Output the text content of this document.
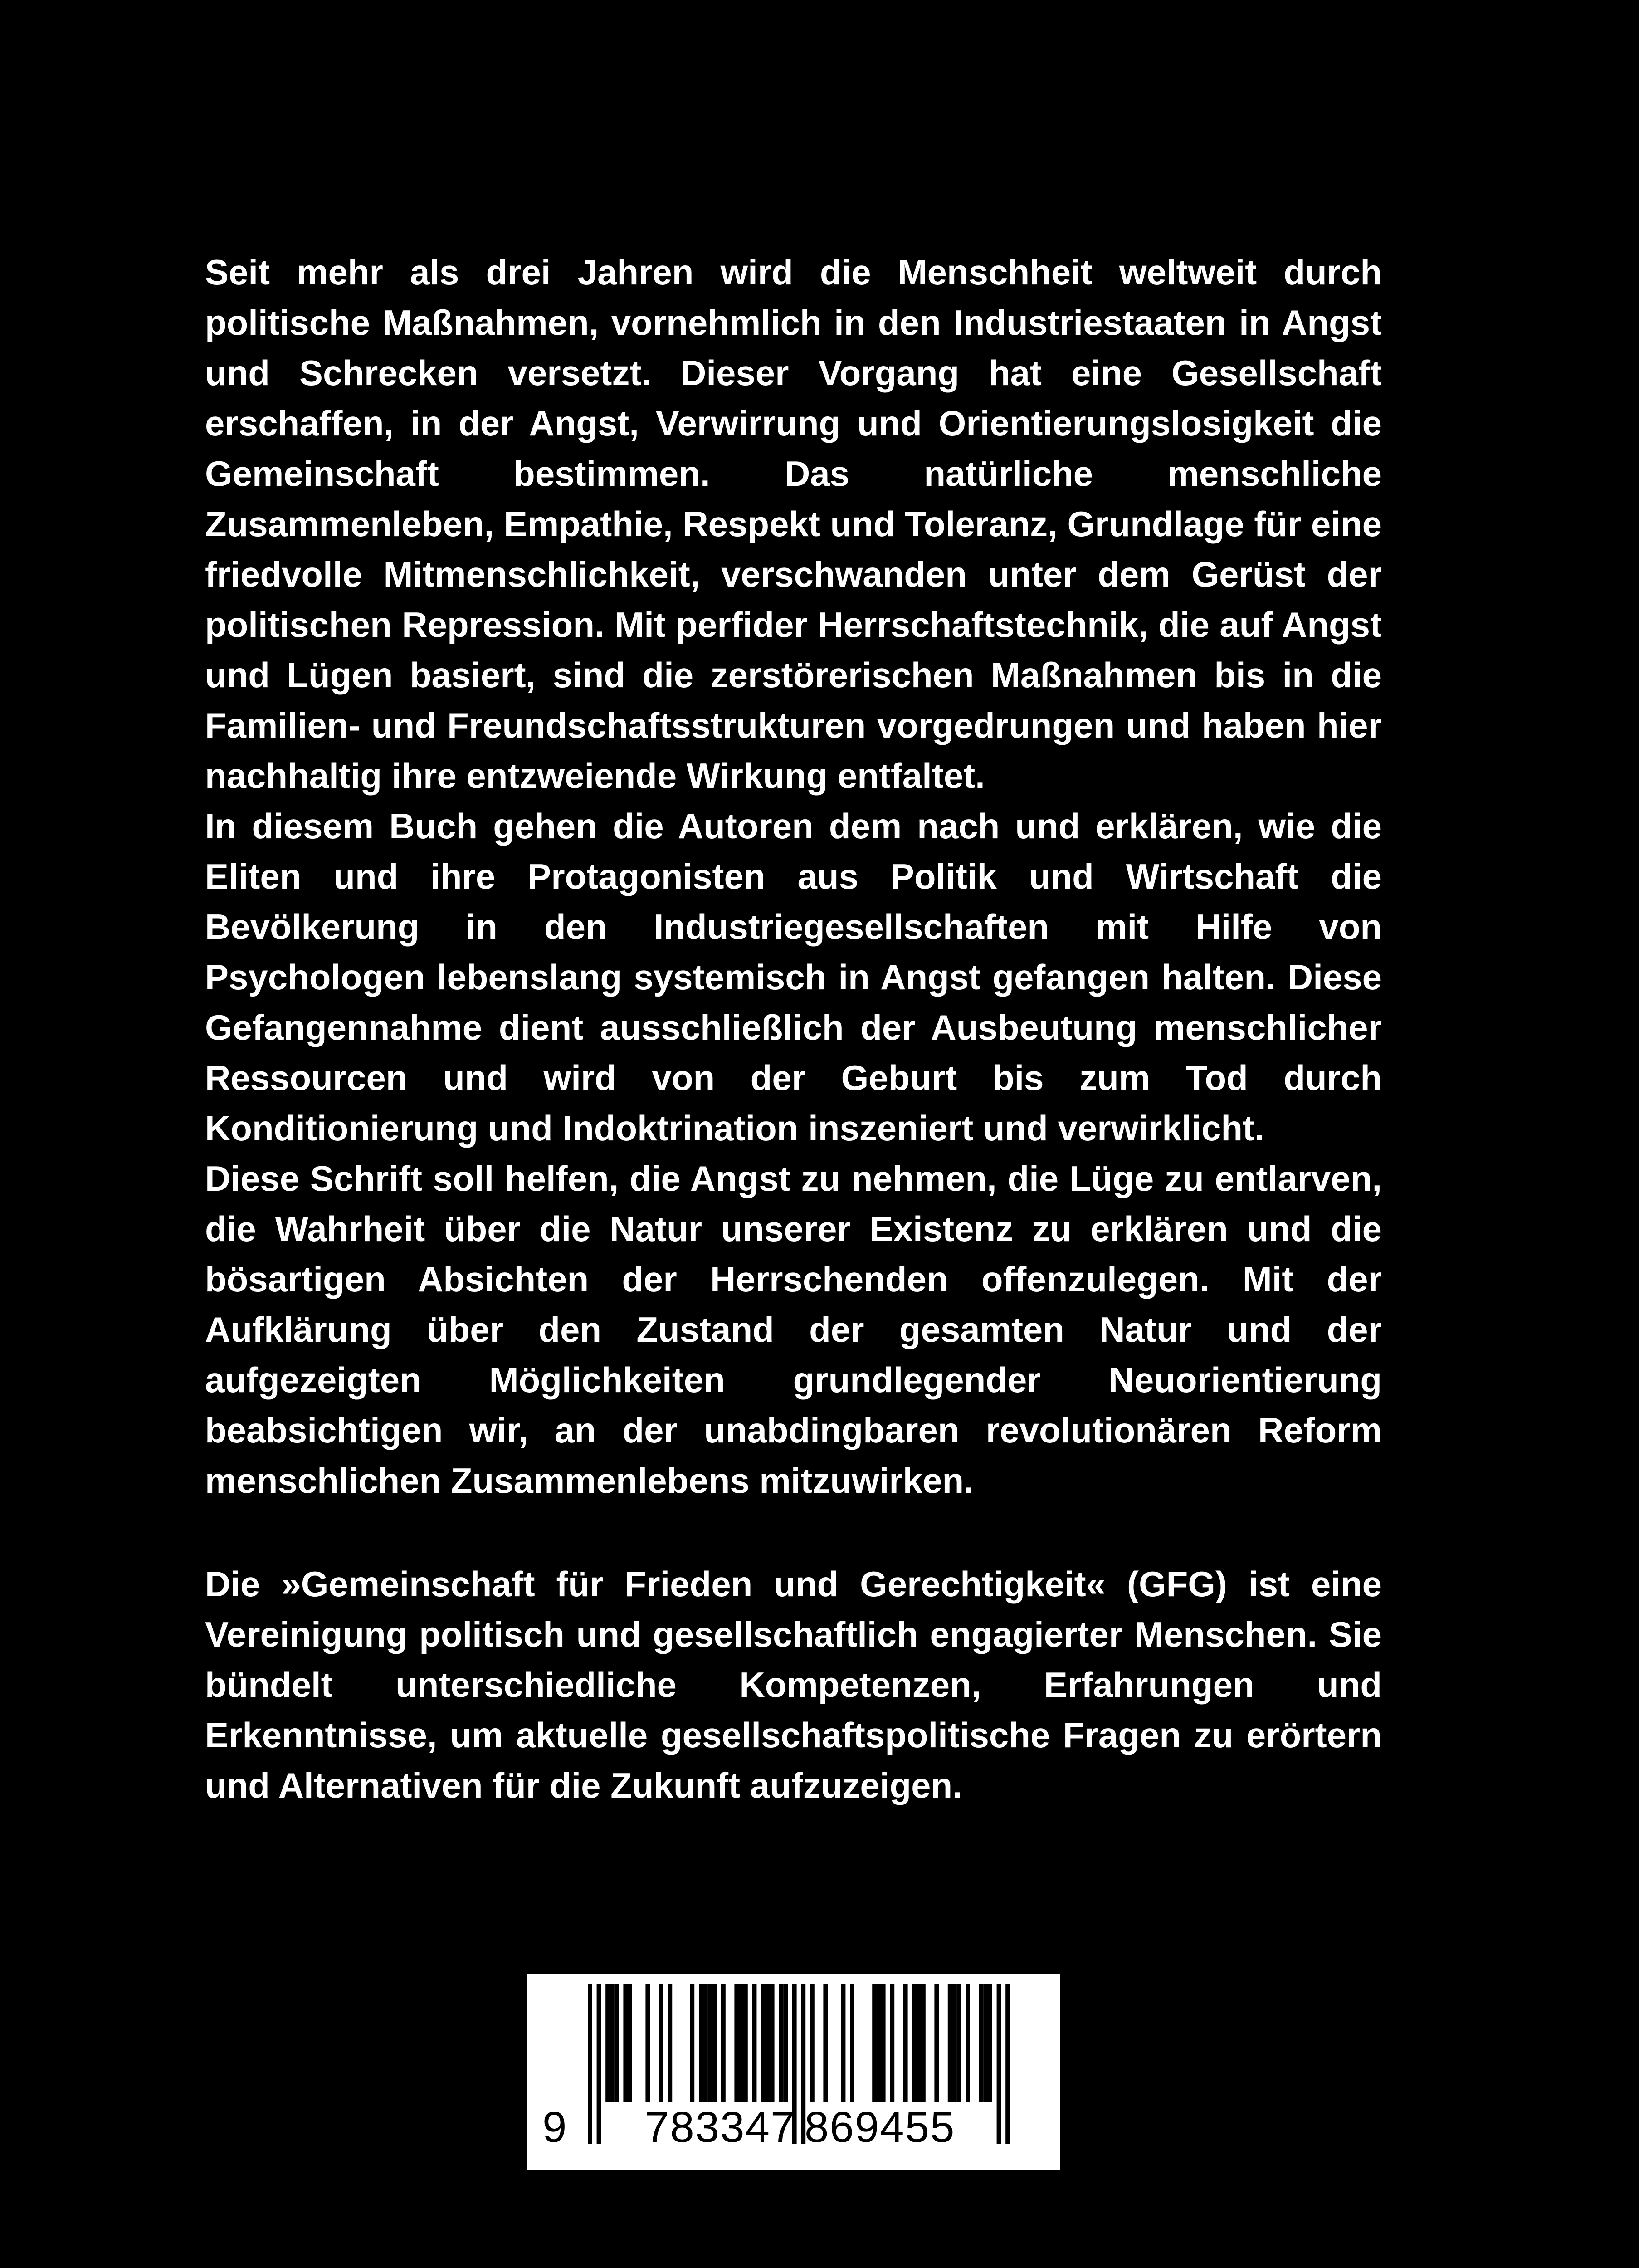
Seit mehr als drei Jahren wird die Menschheit weltweit durch politische Maßnahmen, vornehmlich in den Industriestaaten in Angst und Schrecken versetzt. Dieser Vorgang hat eine Gesellschaft erschaffen, in der Angst, Verwirrung und Orientierungslosigkeit die Gemeinschaft bestimmen. Das natürliche menschliche Zusammenleben, Empathie, Respekt und Toleranz, Grundlage für eine friedvolle Mitmenschlichkeit, verschwanden unter dem Gerüst der politischen Repression. Mit perfider Herrschaftstechnik, die auf Angst und Lügen basiert, sind die zerstörerischen Maßnahmen bis in die Familien- und Freundschaftsstrukturen vorgedrungen und haben hier nachhaltig ihre entzweiende Wirkung entfaltet.

In diesem Buch gehen die Autoren dem nach und erklären, wie die Eliten und ihre Protagonisten aus Politik und Wirtschaft die Bevölkerung in den Industriegesellschaften mit Hilfe von Psychologen lebenslang systemisch in Angst gefangen halten. Diese Gefangennahme dient ausschließlich der Ausbeutung menschlicher Ressourcen und wird von der Geburt bis zum Tod durch Konditionierung und Indoktrination inszeniert und verwirklicht.

Diese Schrift soll helfen, die Angst zu nehmen, die Lüge zu entlarven, die Wahrheit über die Natur unserer Existenz zu erklären und die bösartigen Absichten der Herrschenden offenzulegen. Mit der Aufklärung über den Zustand der gesamten Natur und der aufgezeigten Möglichkeiten grundlegender Neuorientierung beabsichtigen wir, an der unabdingbaren revolutionären Reform menschlichen Zusammenlebens mitzuwirken.

Die »Gemeinschaft für Frieden und Gerechtigkeit« (GFG) ist eine Vereinigung politisch und gesellschaftlich engagierter Menschen. Sie bündelt unterschiedliche Kompetenzen, Erfahrungen und Erkenntnisse, um aktuelle gesellschaftspolitische Fragen zu erörtern und Alternativen für die Zukunft aufzuzeigen.

9 783347 869455
